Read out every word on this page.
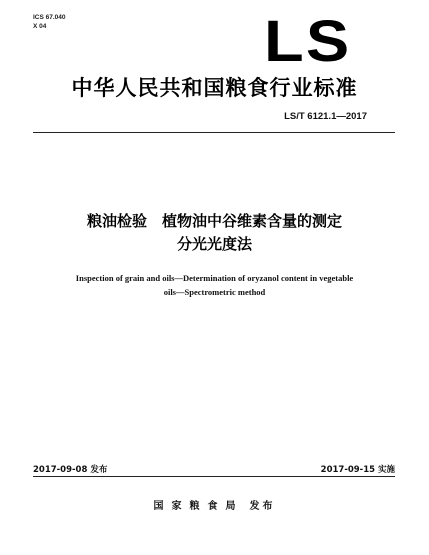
ICS 67.040
X 04	LS
中华人民共和国粮食行业标准
LS/T 6121.1—2017
粮油检验　植物油中谷维素含量的测定
分光光度法
Inspection of grain and oils—Determination of oryzanol content in vegetable
oils—Spectrometric method
2017-09-08 发布	2017-09-15 实施
国家粮食局 发布
